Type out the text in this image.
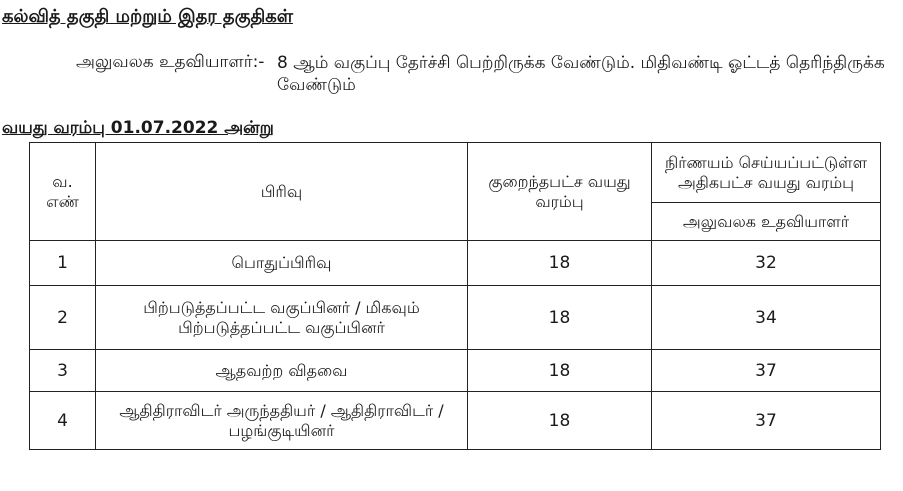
கல்வித் தகுதி மற்றும் இதர தகுதிகள்
அலுவலக உதவியாளர்:- 8 ஆம் வகுப்பு தேர்ச்சி பெற்றிருக்க வேண்டும். மிதிவண்டி ஓட்டத் தெரிந்திருக்க வேண்டும்
வயது வரம்பு 01.07.2022 அன்று
வ. எண்	பிரிவு	குறைந்தபட்ச வயது வரம்பு	நிர்ணயம் செய்யப்பட்டுள்ள அதிகபட்ச வயது வரம்பு
			அலுவலக உதவியாளர்
1	பொதுப்பிரிவு	18	32
2	பிற்படுத்தப்பட்ட வகுப்பினர் / மிகவும் பிற்படுத்தப்பட்ட வகுப்பினர்	18	34
3	ஆதவற்ற விதவை	18	37
4	ஆதிதிராவிடர் அருந்ததியர் / ஆதிதிராவிடர் / பழங்குடியினர்	18	37
